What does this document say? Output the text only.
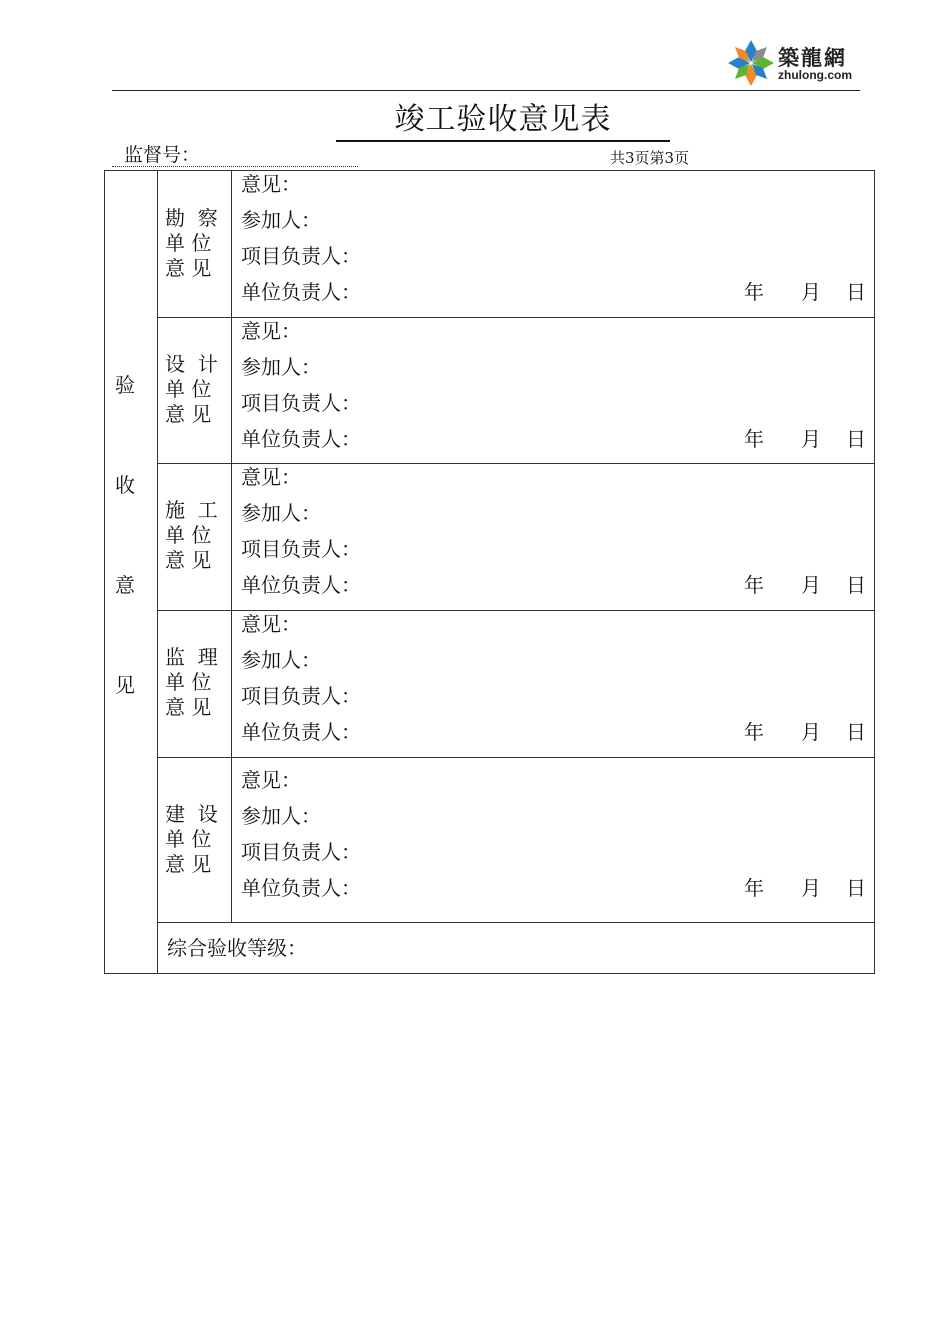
築龍網
zhulong.com
竣工验收意见表
监督号：	共3页第3页
验
收
意
见
勘  察
单 位
意 见
意见：
参加人：
项目负责人：
单位负责人：	年 月 日
设  计
单 位
意 见
意见：
参加人：
项目负责人：
单位负责人：	年 月 日
施  工
单 位
意 见
意见：
参加人：
项目负责人：
单位负责人：	年 月 日
监  理
单 位
意 见
意见：
参加人：
项目负责人：
单位负责人：	年 月 日
建  设
单 位
意 见
意见：
参加人：
项目负责人：
单位负责人：	年 月 日
综合验收等级：
